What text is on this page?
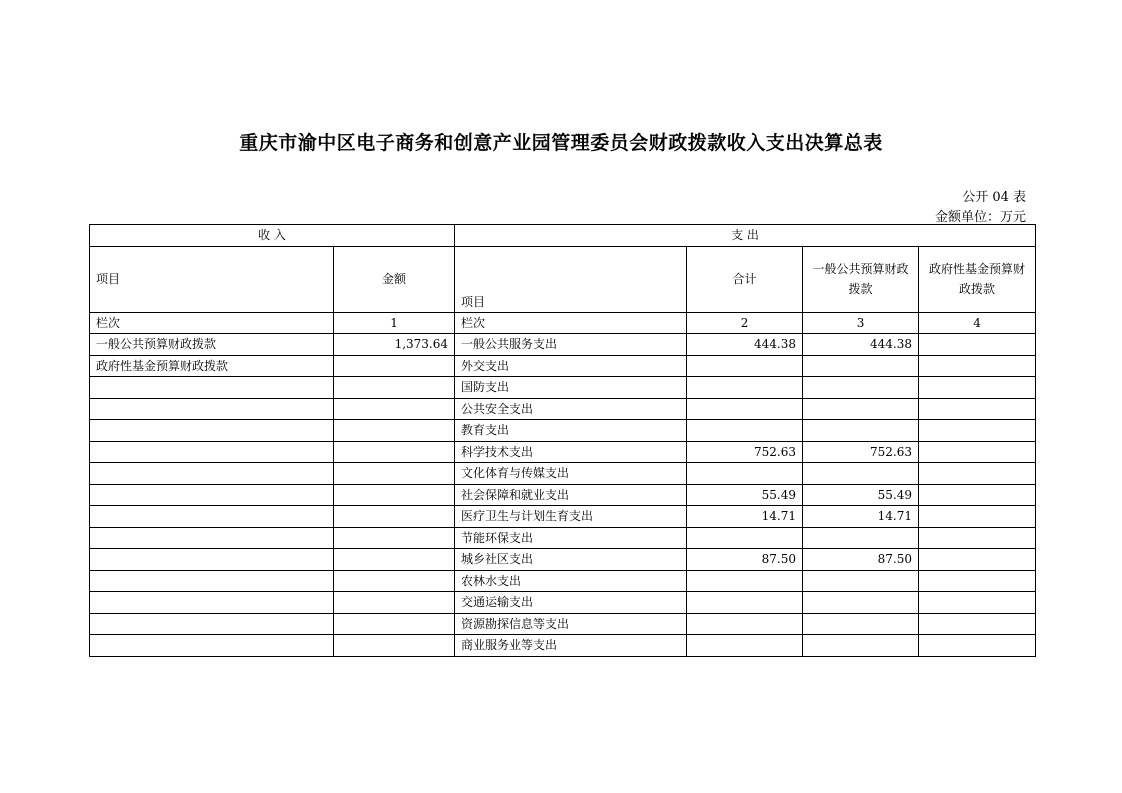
重庆市渝中区电子商务和创意产业园管理委员会财政拨款收入支出决算总表
公开 04 表
金额单位：万元
收 入		支 出			
项目	金额	项目	合计	一般公共预算财政拨款	政府性基金预算财政拨款
栏次	1	栏次	2	3	4
一般公共预算财政拨款	1,373.64	一般公共服务支出	444.38	444.38	
政府性基金预算财政拨款		外交支出			
		国防支出			
		公共安全支出			
		教育支出			
		科学技术支出	752.63	752.63	
		文化体育与传媒支出			
		社会保障和就业支出	55.49	55.49	
		医疗卫生与计划生育支出	14.71	14.71	
		节能环保支出			
		城乡社区支出	87.50	87.50	
		农林水支出			
		交通运输支出			
		资源勘探信息等支出			
		商业服务业等支出			
